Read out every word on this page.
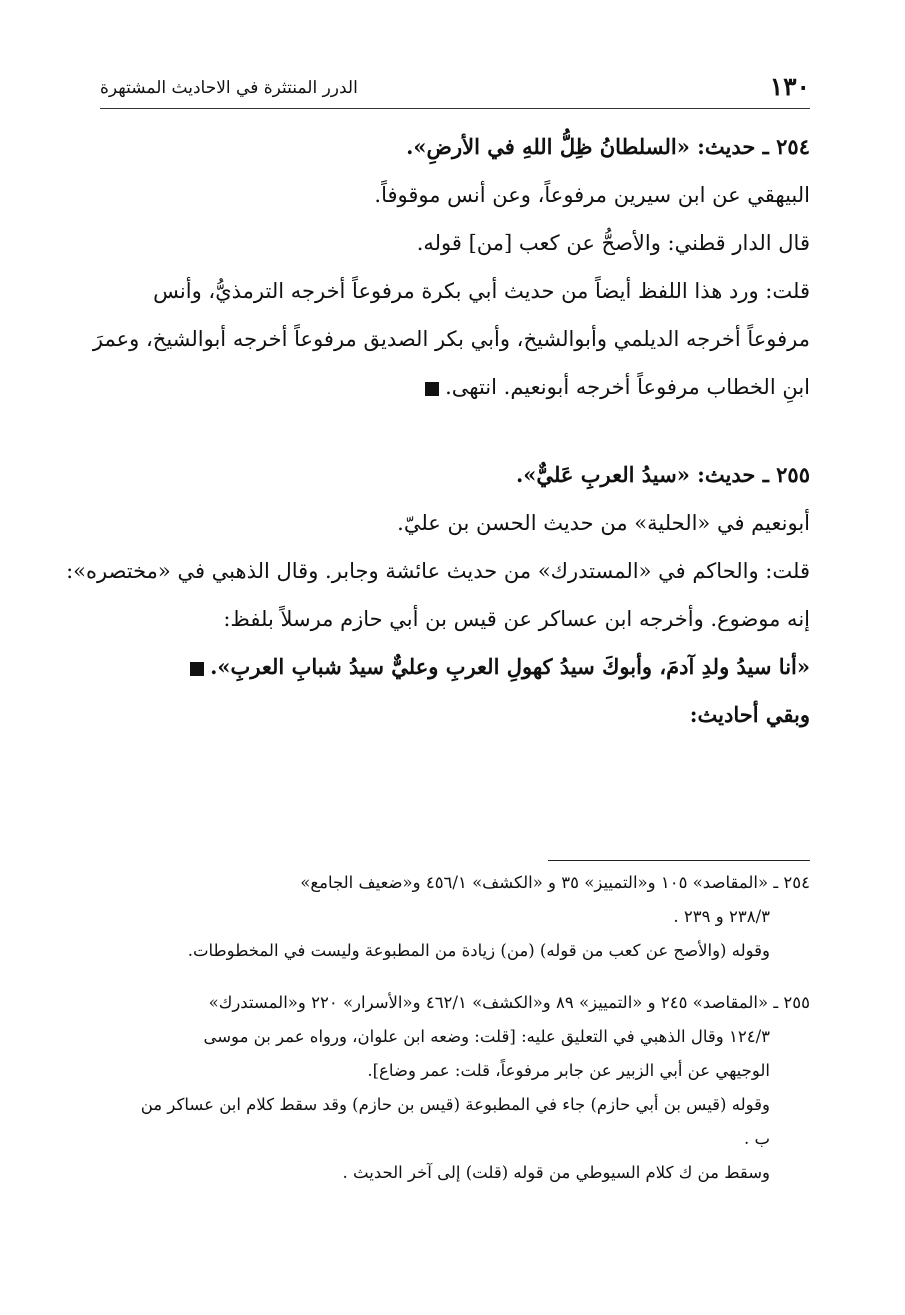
١٣٠
الدرر المنتثرة في الاحاديث المشتهرة
٢٥٤ ـ حديث: «السلطانُ ظِلُّ اللهِ في الأرضِ».
البيهقي عن ابن سيرين مرفوعاً، وعن أنس موقوفاً.
قال الدار قطني: والأصحُّ عن كعب [من] قوله.
قلت: ورد هذا اللفظ أيضاً من حديث أبي بكرة مرفوعاً أخرجه الترمذيُّ، وأنس
مرفوعاً أخرجه الديلمي وأبوالشيخ، وأبي بكر الصديق مرفوعاً أخرجه أبوالشيخ، وعمرَ
ابنِ الخطاب مرفوعاً أخرجه أبونعيم. انتهى.
٢٥٥ ـ حديث: «سيدُ العربِ عَليٌّ».
أبونعيم في «الحلية» من حديث الحسن بن عليّ.
قلت: والحاكم في «المستدرك» من حديث عائشة وجابر. وقال الذهبي في «مختصره»:
إنه موضوع. وأخرجه ابن عساكر عن قيس بن أبي حازم مرسلاً بلفظ:
«أنا سيدُ ولدِ آدمَ، وأبوكَ سيدُ كهولِ العربِ وعليٌّ سيدُ شبابِ العربِ».
وبقي أحاديث:
٢٥٤ ـ «المقاصد» ١٠٥ و«التمييز» ٣٥ و «الكشف» ٤٥٦/١ و«ضعيف الجامع»
٢٣٨/٣ و ٢٣٩ .
وقوله (والأصح عن كعب من قوله) (من) زيادة من المطبوعة وليست في المخطوطات.
٢٥٥ ـ «المقاصد» ٢٤٥ و «التمييز» ٨٩ و«الكشف» ٤٦٢/١ و«الأسرار» ٢٢٠ و«المستدرك»
١٢٤/٣ وقال الذهبي في التعليق عليه: [قلت: وضعه ابن علوان، ورواه عمر بن موسى
الوجيهي عن أبي الزبير عن جابر مرفوعاً، قلت: عمر وضاع].
وقوله (قيس بن أبي حازم) جاء في المطبوعة (قيس بن حازم) وقد سقط كلام ابن عساكر من
ب .
وسقط من ك كلام السيوطي من قوله (قلت) إلى آخر الحديث .
